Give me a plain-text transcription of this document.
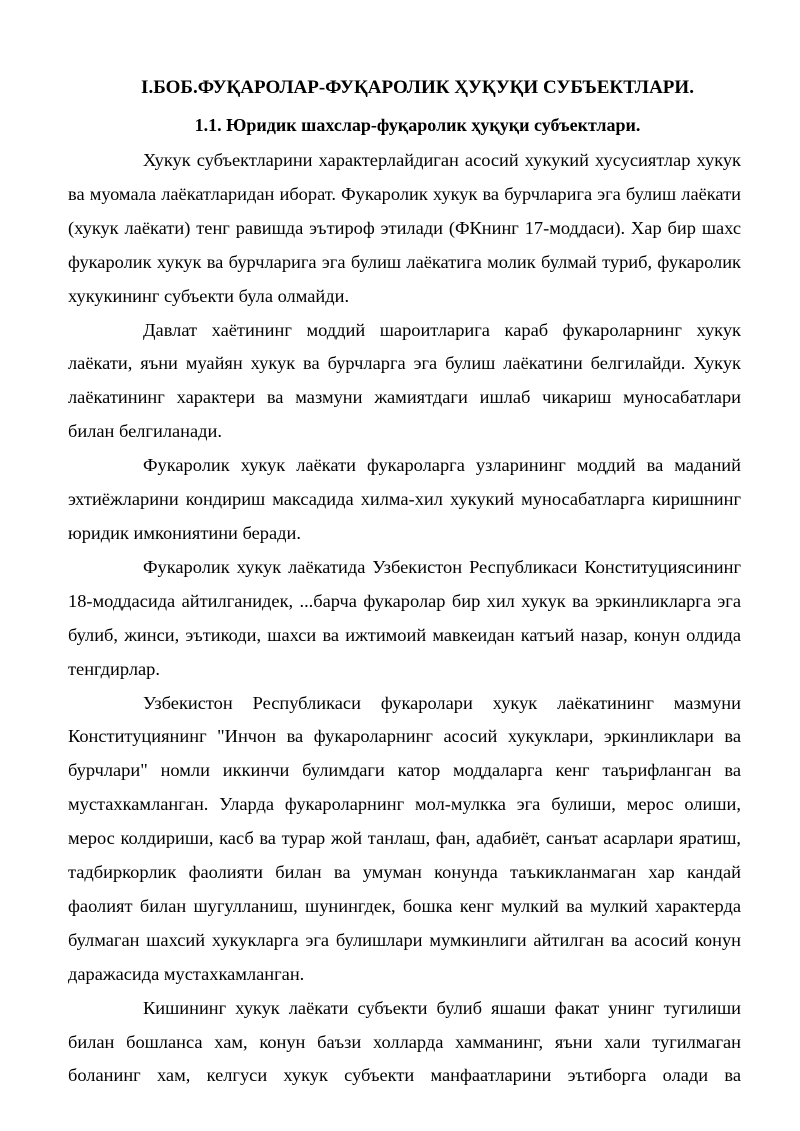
I.БОБ.ФУҚАРОЛАР-ФУҚАРОЛИК ҲУҚУҚИ СУБЪЕКТЛАРИ.
1.1. Юридик шахслар-фуқаролик ҳуқуқи субъектлари.

Хукук субъектларини характерлайдиган асосий хукукий хусусиятлар хукук ва муомала лаёкатларидан иборат. Фукаролик хукук ва бурчларига эга булиш лаёкати (хукук лаёкати) тенг равишда эътироф этилади (ФКнинг 17-моддаси). Хар бир шахс фукаролик хукук ва бурчларига эга булиш лаёкатига молик булмай туриб, фукаролик хукукининг субъекти була олмайди.

Давлат хаётининг моддий шароитларига караб фукароларнинг хукук лаёкати, яъни муайян хукук ва бурчларга эга булиш лаёкатини белгилайди. Хукук лаёкатининг характери ва мазмуни жамиятдаги ишлаб чикариш муносабатлари билан белгиланади.

Фукаролик хукук лаёкати фукароларга узларининг моддий ва маданий эхтиёжларини кондириш максадида хилма-хил хукукий муносабатларга киришнинг юридик имкониятини беради.

Фукаролик хукук лаёкатида Узбекистон Республикаси Конституциясининг 18-моддасида айтилганидек, ...барча фукаролар бир хил хукук ва эркинликларга эга булиб, жинси, эътикоди, шахси ва ижтимоий мавкеидан катъий назар, конун олдида тенгдирлар.

Узбекистон Республикаси фукаролари хукук лаёкатининг мазмуни Конституциянинг "Инчон ва фукароларнинг асосий хукуклари, эркинликлари ва бурчлари" номли иккинчи булимдаги катор моддаларга кенг таърифланган ва мустахкамланган. Уларда фукароларнинг мол-мулкка эга булиши, мерос олиши, мерос колдириши, касб ва турар жой танлаш, фан, адабиёт, санъат асарлари яратиш, тадбиркорлик фаолияти билан ва умуман конунда таъкикланмаган хар кандай фаолият билан шугулланиш, шунингдек, бошка кенг мулкий ва мулкий характерда булмаган шахсий хукукларга эга булишлари мумкинлиги айтилган ва асосий конун даражасида мустахкамланган.

Кишининг хукук лаёкати субъекти булиб яшаши факат унинг тугилиши билан бошланса хам, конун баъзи холларда хамманинг, яъни хали тугилмаган боланинг хам, келгуси хукук субъекти манфаатларини эътиборга олади ва
